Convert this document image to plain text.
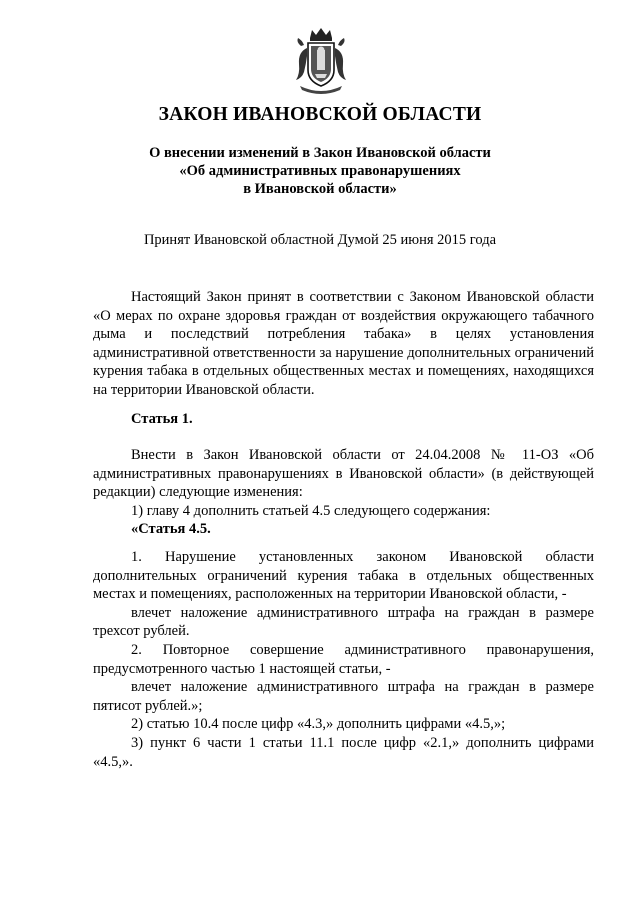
ЗАКОН ИВАНОВСКОЙ ОБЛАСТИ
О внесении изменений в Закон Ивановской области
«Об административных правонарушениях
в Ивановской области»
Принят Ивановской областной Думой 25 июня 2015 года

Настоящий Закон принят в соответствии с Законом Ивановской области «О мерах по охране здоровья граждан от воздействия окружающего табачного дыма и последствий потребления табака» в целях установления административной ответственности за нарушение дополнительных ограничений курения табака в отдельных общественных местах и помещениях, находящихся на территории Ивановской области.

Статья 1.

Внести в Закон Ивановской области от 24.04.2008 № 11-ОЗ «Об административных правонарушениях в Ивановской области» (в действующей редакции) следующие изменения:

1) главу 4 дополнить статьей 4.5 следующего содержания:

«Статья 4.5.

1. Нарушение установленных законом Ивановской области дополнительных ограничений курения табака в отдельных общественных местах и помещениях, расположенных на территории Ивановской области, -

влечет наложение административного штрафа на граждан в размере трехсот рублей.

2. Повторное совершение административного правонарушения, предусмотренного частью 1 настоящей статьи, -

влечет наложение административного штрафа на граждан в размере пятисот рублей.»;

2) статью 10.4 после цифр «4.3,» дополнить цифрами «4.5,»;

3) пункт 6 части 1 статьи 11.1 после цифр «2.1,» дополнить цифрами «4.5,».
